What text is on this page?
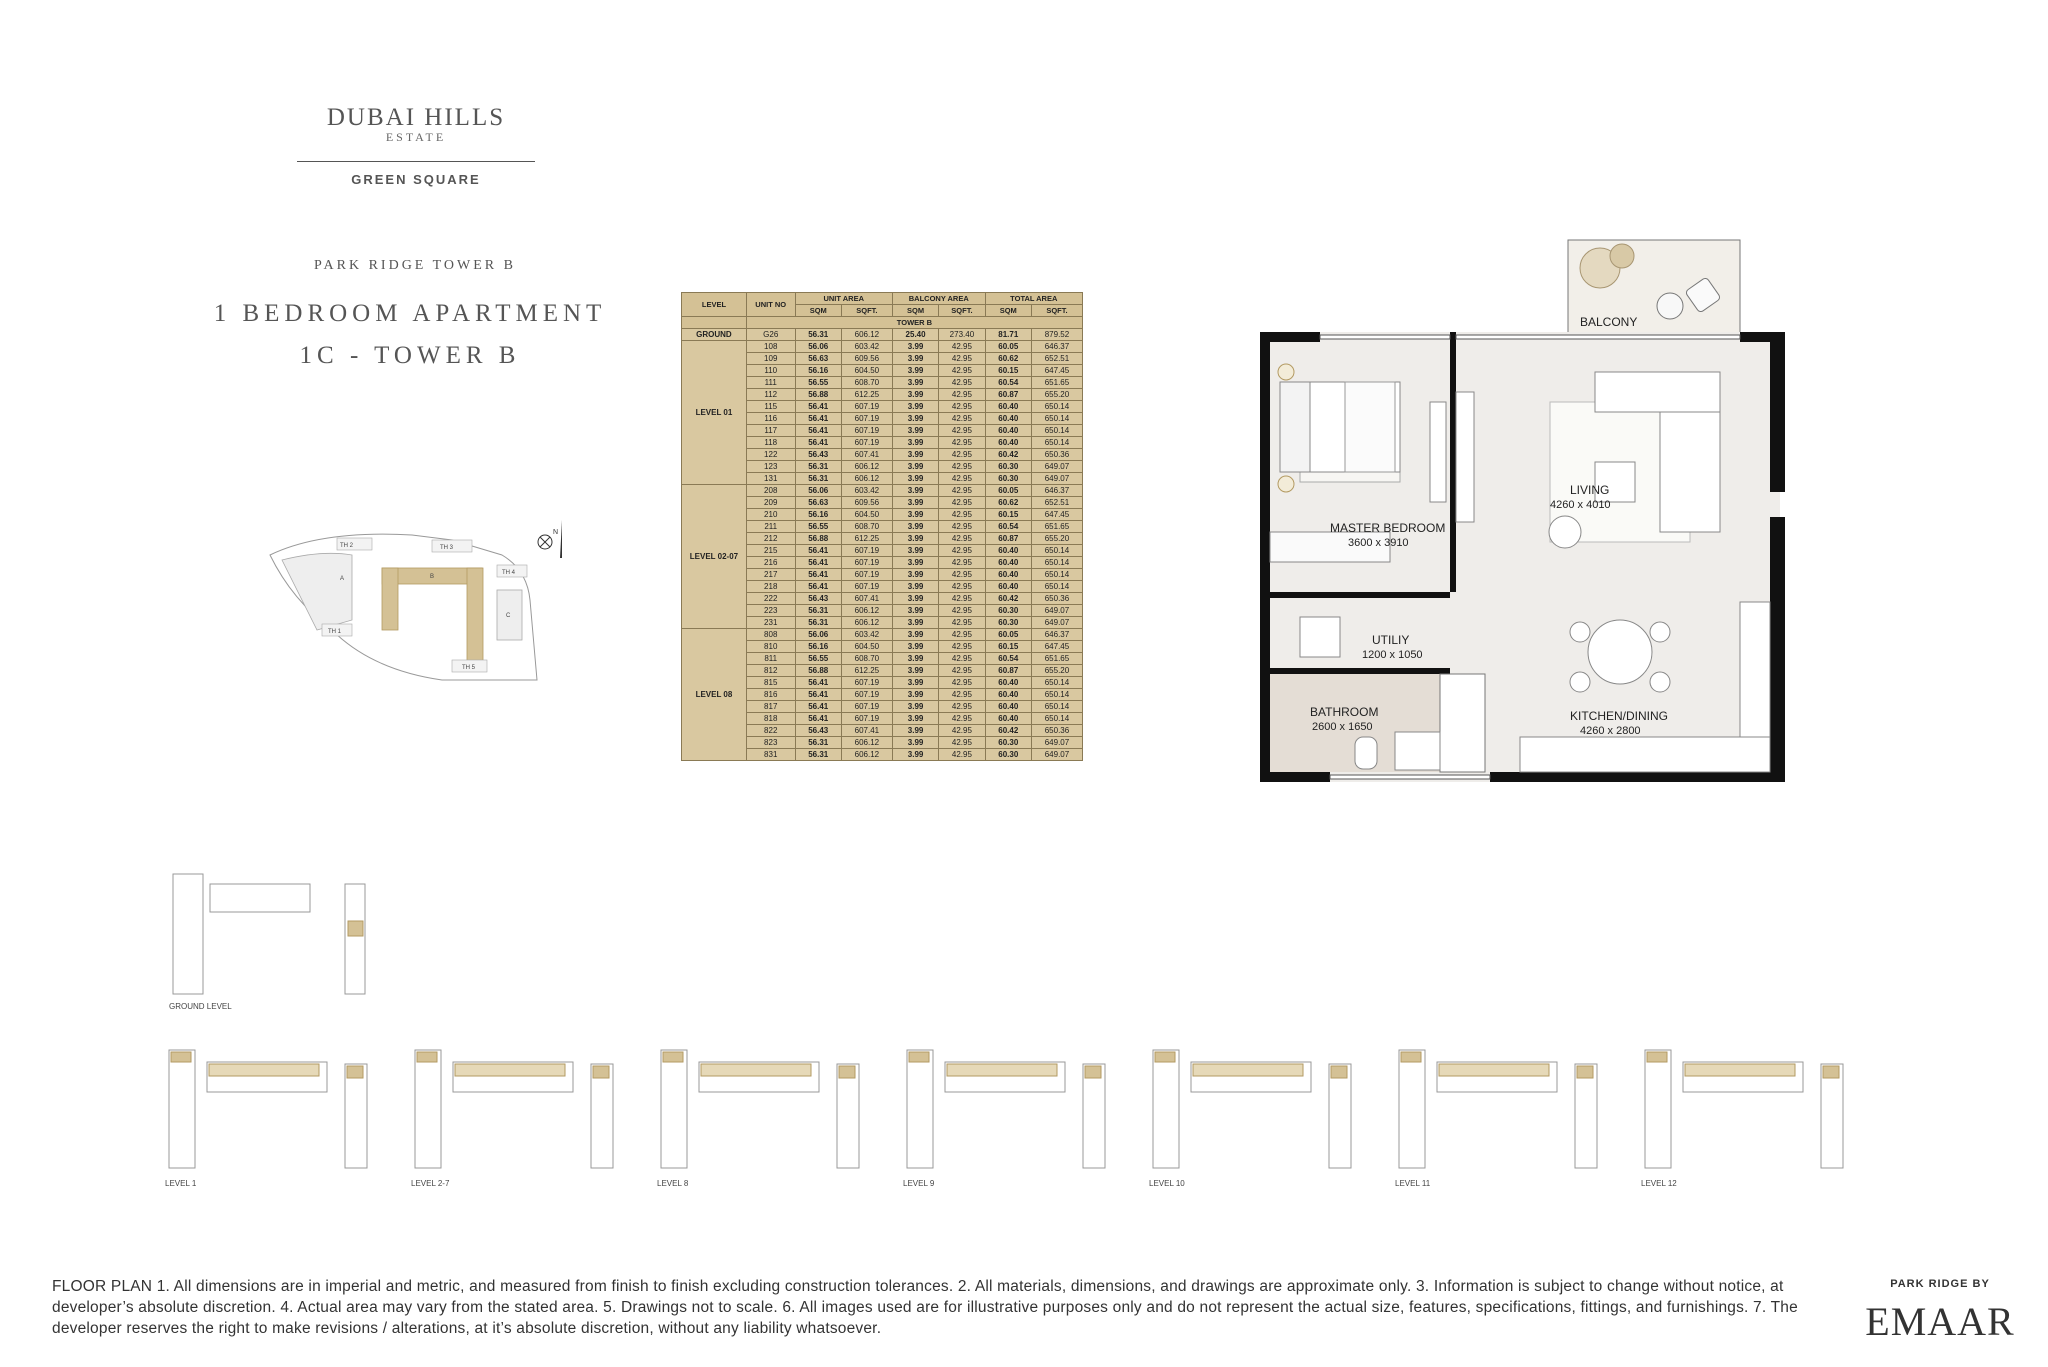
DUBAI HILLS
ESTATE
GREEN SQUARE
PARK RIDGE TOWER B
1 BEDROOM APARTMENT
1C - TOWER B
TH 2	TH 3
TH 4
A	B
C
TH 1
TH 5
N
LEVEL	UNIT NO	UNIT AREA		BALCONY AREA		TOTAL AREA	
		SQM	SQFT.	SQM	SQFT.	SQM	SQFT.
	TOWER B						
GROUND	G26	56.31	606.12	25.40	273.40	81.71	879.52
LEVEL 01	108	56.06	603.42	3.99	42.95	60.05	646.37
	109	56.63	609.56	3.99	42.95	60.62	652.51
	110	56.16	604.50	3.99	42.95	60.15	647.45
	111	56.55	608.70	3.99	42.95	60.54	651.65
	112	56.88	612.25	3.99	42.95	60.87	655.20
	115	56.41	607.19	3.99	42.95	60.40	650.14
	116	56.41	607.19	3.99	42.95	60.40	650.14
	117	56.41	607.19	3.99	42.95	60.40	650.14
	118	56.41	607.19	3.99	42.95	60.40	650.14
	122	56.43	607.41	3.99	42.95	60.42	650.36
	123	56.31	606.12	3.99	42.95	60.30	649.07
	131	56.31	606.12	3.99	42.95	60.30	649.07
LEVEL 02-07	208	56.06	603.42	3.99	42.95	60.05	646.37
	209	56.63	609.56	3.99	42.95	60.62	652.51
	210	56.16	604.50	3.99	42.95	60.15	647.45
	211	56.55	608.70	3.99	42.95	60.54	651.65
	212	56.88	612.25	3.99	42.95	60.87	655.20
	215	56.41	607.19	3.99	42.95	60.40	650.14
	216	56.41	607.19	3.99	42.95	60.40	650.14
	217	56.41	607.19	3.99	42.95	60.40	650.14
	218	56.41	607.19	3.99	42.95	60.40	650.14
	222	56.43	607.41	3.99	42.95	60.42	650.36
	223	56.31	606.12	3.99	42.95	60.30	649.07
	231	56.31	606.12	3.99	42.95	60.30	649.07
LEVEL 08	808	56.06	603.42	3.99	42.95	60.05	646.37
	810	56.16	604.50	3.99	42.95	60.15	647.45
	811	56.55	608.70	3.99	42.95	60.54	651.65
	812	56.88	612.25	3.99	42.95	60.87	655.20
	815	56.41	607.19	3.99	42.95	60.40	650.14
	816	56.41	607.19	3.99	42.95	60.40	650.14
	817	56.41	607.19	3.99	42.95	60.40	650.14
	818	56.41	607.19	3.99	42.95	60.40	650.14
	822	56.43	607.41	3.99	42.95	60.42	650.36
	823	56.31	606.12	3.99	42.95	60.30	649.07
	831	56.31	606.12	3.99	42.95	60.30	649.07
BALCONY
MASTER BEDROOM
3600 x 3910
LIVING
4260 x 4010
UTILIY
1200 x 1050
BATHROOM
2600 x 1650
KITCHEN/DINING
4260 x 2800
GROUND LEVEL
LEVEL 1	LEVEL 2-7	LEVEL 8	LEVEL 9	LEVEL 10	LEVEL 11	LEVEL 12
FLOOR PLAN 1. All dimensions are in imperial and metric, and measured from finish to finish excluding construction tolerances. 2. All materials, dimensions, and drawings are approximate only. 3. Information is subject to change without notice, at developer’s absolute discretion. 4. Actual area may vary from the stated area. 5. Drawings not to scale. 6. All images used are for illustrative purposes only and do not represent the actual size, features, specifications, fittings, and furnishings. 7. The developer reserves the right to make revisions / alterations, at it’s absolute discretion, without any liability whatsoever.
PARK RIDGE BY
EMAAR
